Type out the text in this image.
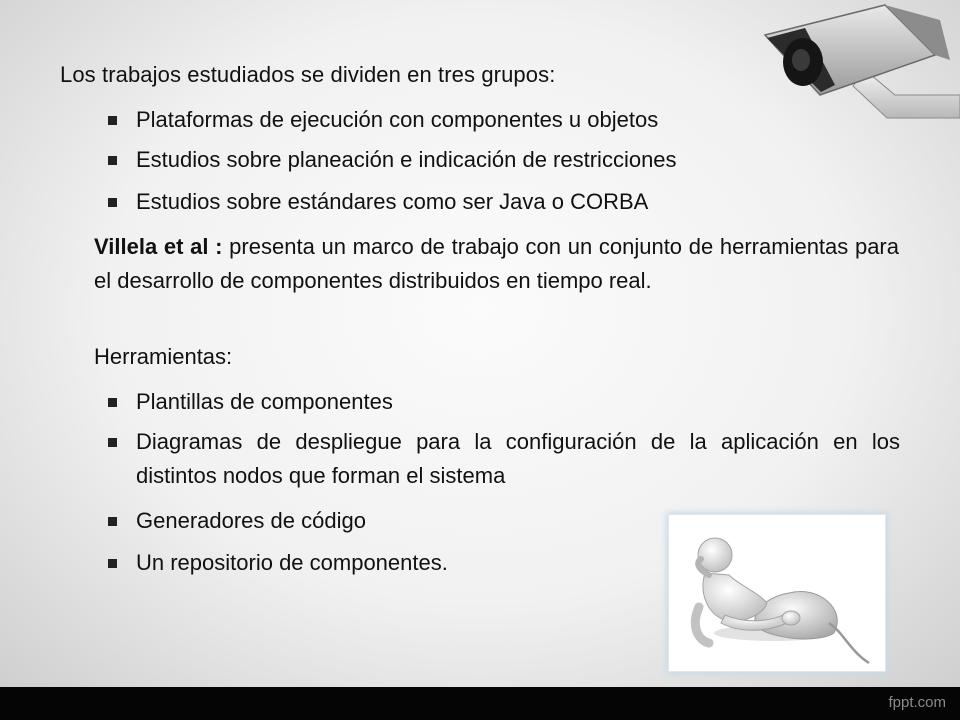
Los trabajos estudiados se dividen en tres grupos:
Plataformas de ejecución con componentes u objetos
Estudios sobre planeación e indicación de restricciones
Estudios sobre estándares como ser Java o CORBA
Villela et al : presenta un marco de trabajo con un conjunto de herramientas para el desarrollo de componentes distribuidos en tiempo real.
Herramientas:
Plantillas de componentes
Diagramas de despliegue para la configuración de la aplicación en los distintos nodos que forman el sistema
Generadores de código
Un repositorio de componentes.
fppt.com
